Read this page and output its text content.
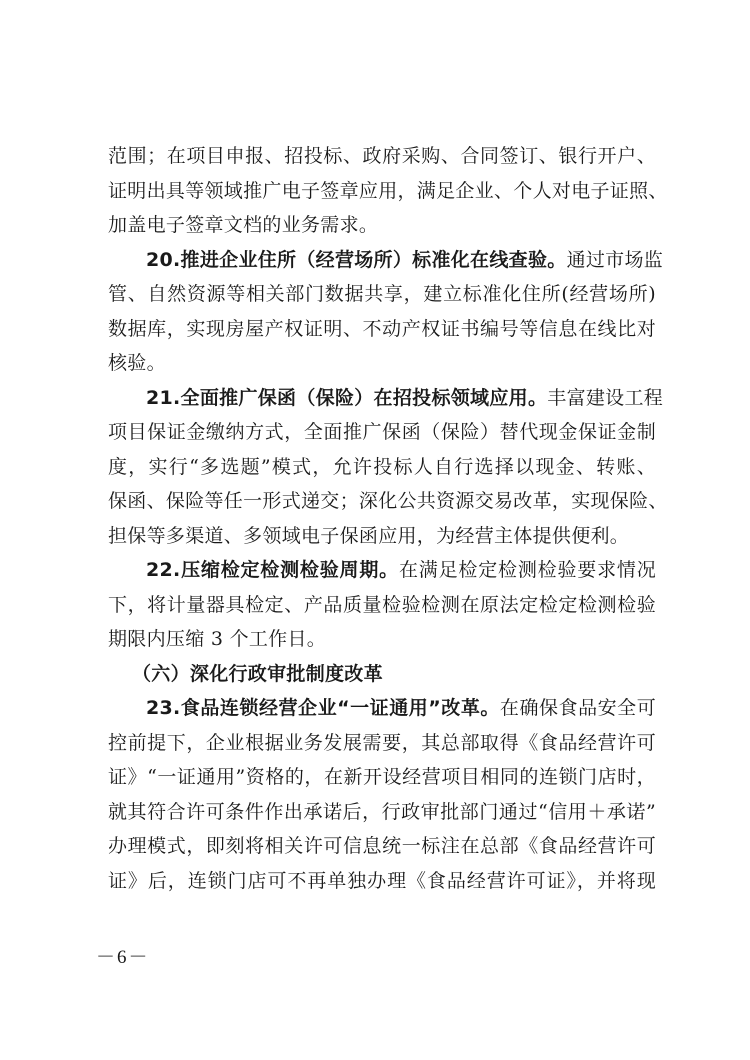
范围；在项目申报、招投标、政府采购、合同签订、银行开户、
证明出具等领域推广电子签章应用，满足企业、个人对电子证照、
加盖电子签章文档的业务需求。
20.推进企业住所（经营场所）标准化在线查验。通过市场监
管、自然资源等相关部门数据共享，建立标准化住所(经营场所)
数据库，实现房屋产权证明、不动产权证书编号等信息在线比对
核验。
21.全面推广保函（保险）在招投标领域应用。丰富建设工程
项目保证金缴纳方式，全面推广保函（保险）替代现金保证金制
度，实行“多选题”模式，允许投标人自行选择以现金、转账、
保函、保险等任一形式递交；深化公共资源交易改革，实现保险、
担保等多渠道、多领域电子保函应用，为经营主体提供便利。
22.压缩检定检测检验周期。在满足检定检测检验要求情况
下，将计量器具检定、产品质量检验检测在原法定检定检测检验
期限内压缩 3 个工作日。
（六）深化行政审批制度改革
23.食品连锁经营企业“一证通用”改革。在确保食品安全可
控前提下，企业根据业务发展需要，其总部取得《食品经营许可
证》“一证通用”资格的，在新开设经营项目相同的连锁门店时，
就其符合许可条件作出承诺后，行政审批部门通过“信用＋承诺”
办理模式，即刻将相关许可信息统一标注在总部《食品经营许可
证》后，连锁门店可不再单独办理《食品经营许可证》，并将现
－6－
